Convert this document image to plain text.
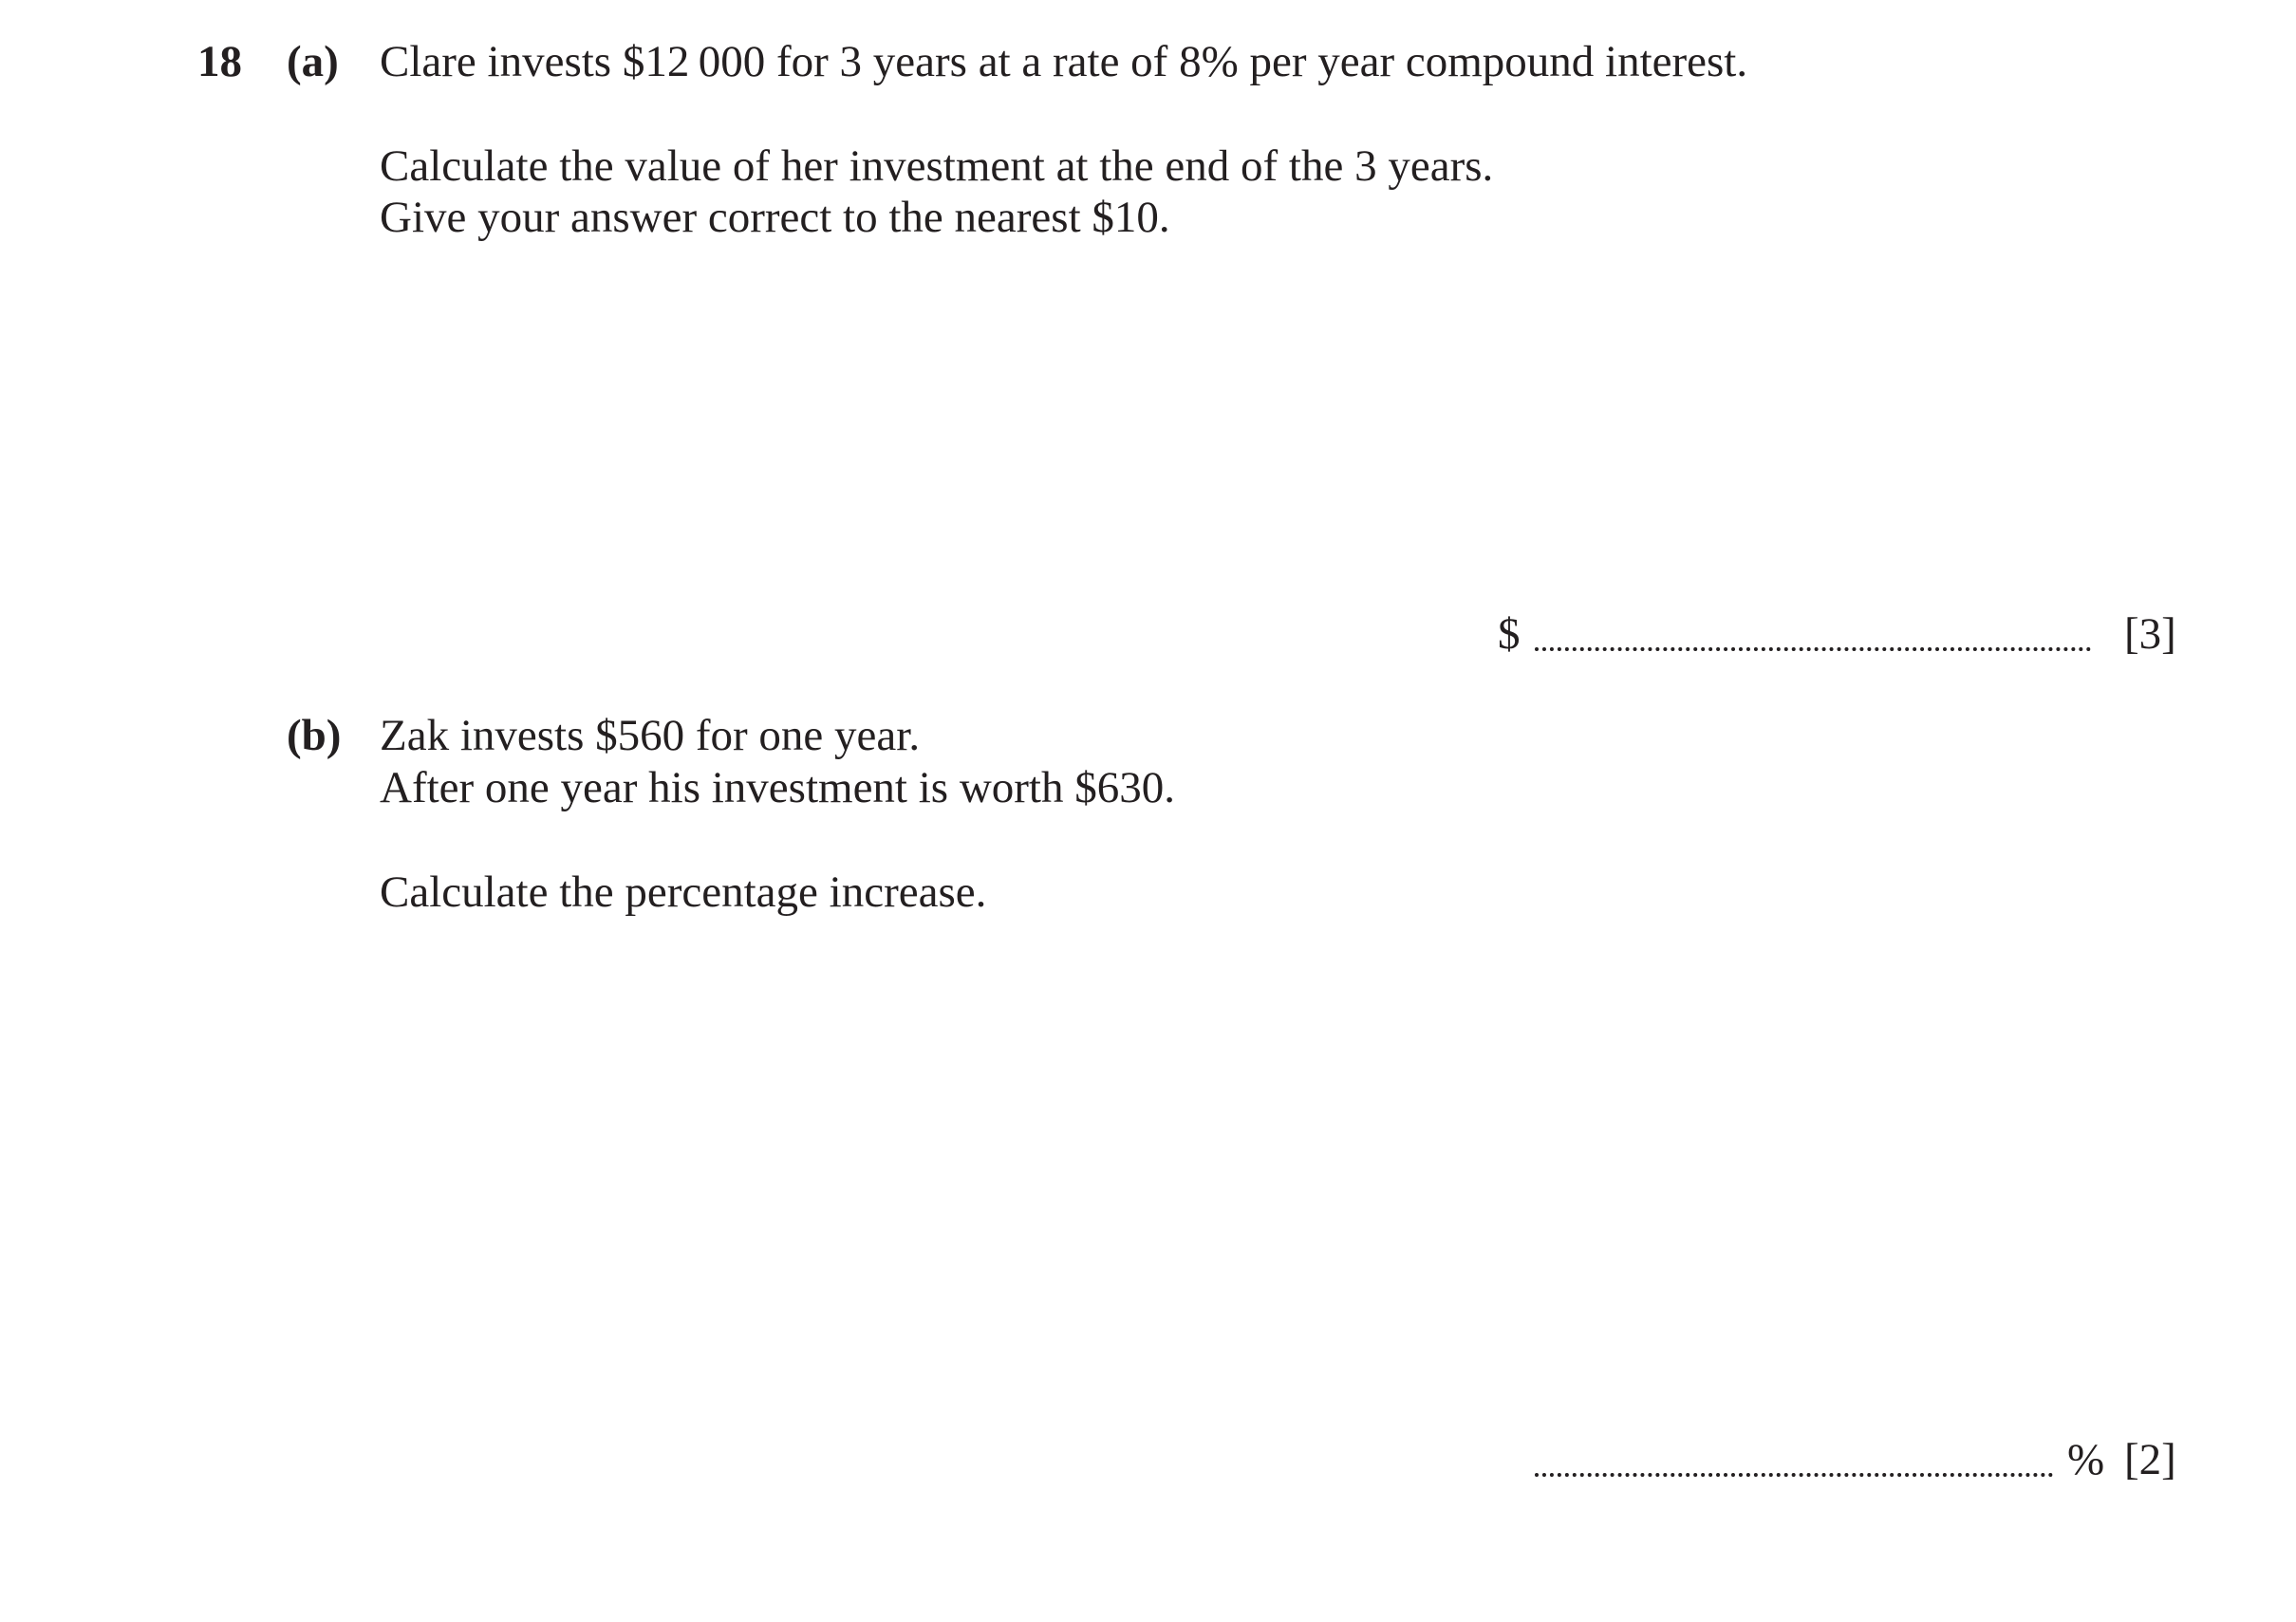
18 (a) Clare invests $12 000 for 3 years at a rate of 8% per year compound interest.
Calculate the value of her investment at the end of the 3 years.
Give your answer correct to the nearest $10.
$	[3]
(b) Zak invests $560 for one year.
After one year his investment is worth $630.
Calculate the percentage increase.
% [2]
